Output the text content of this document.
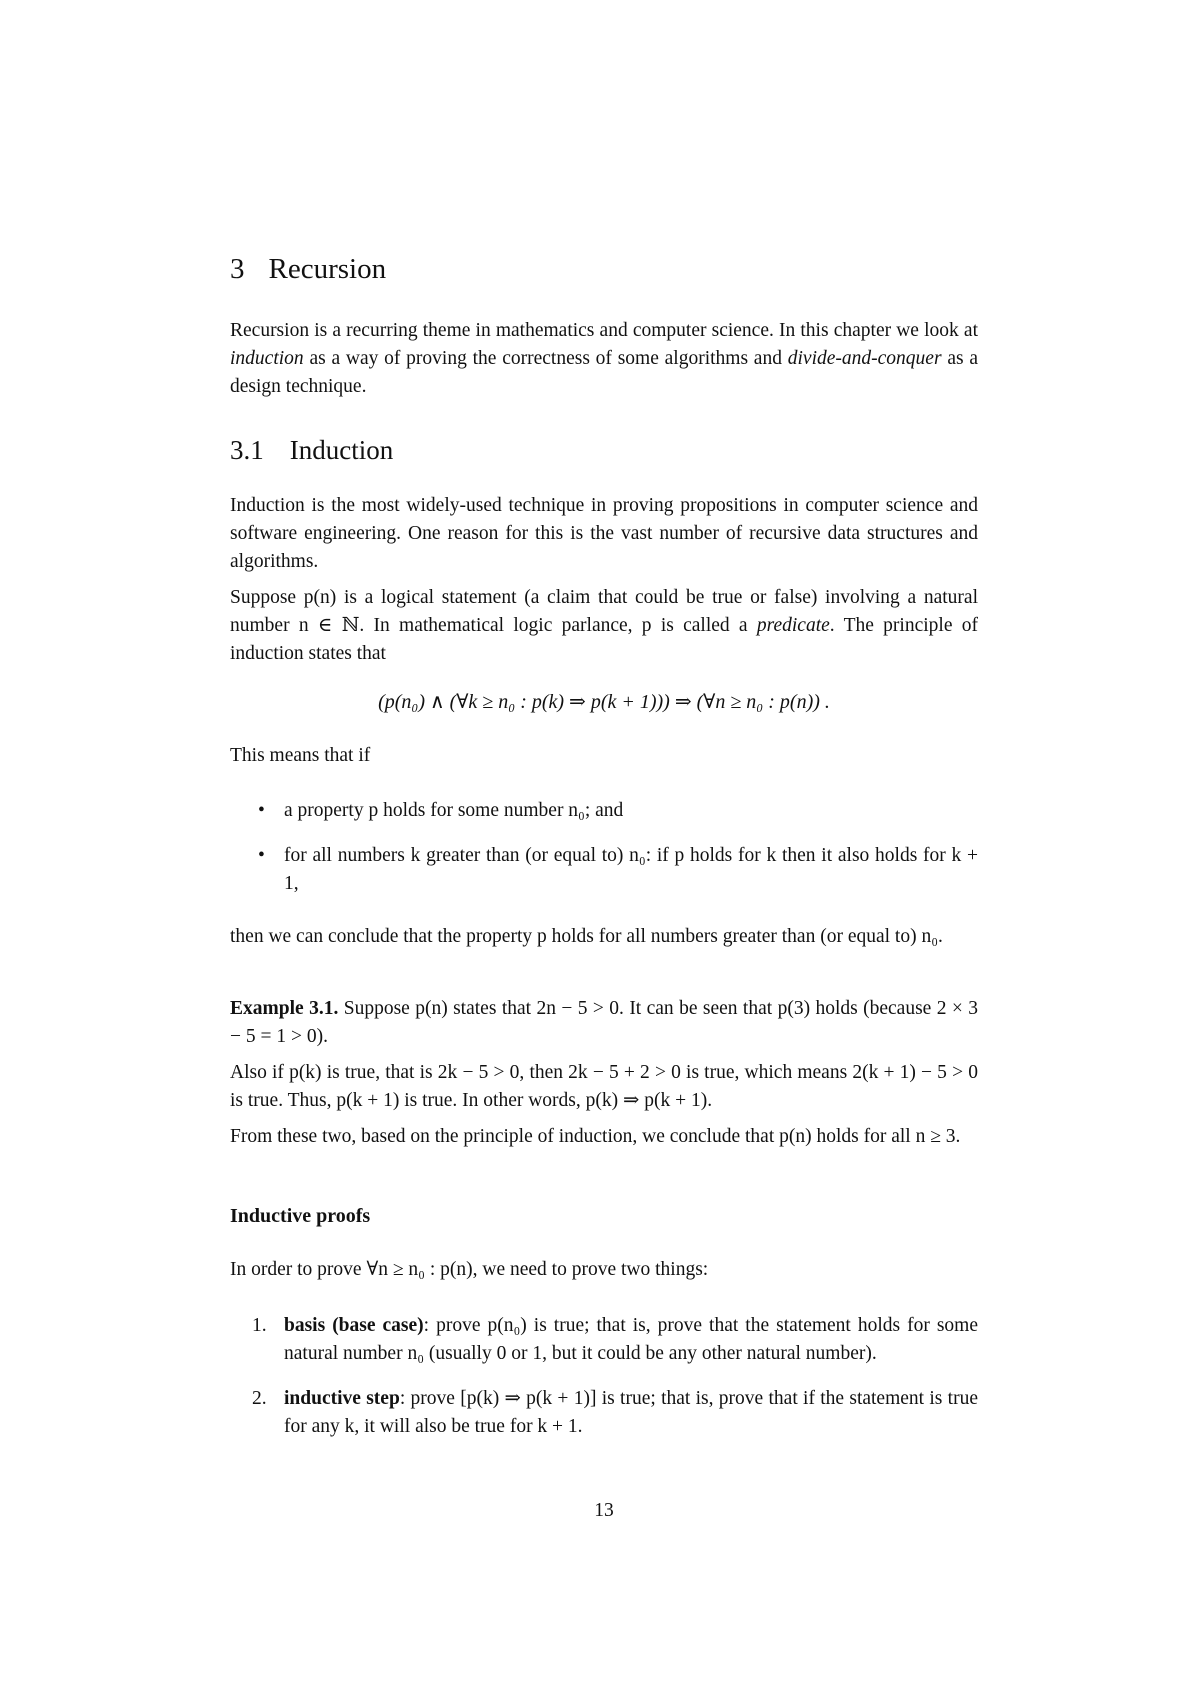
3 Recursion

Recursion is a recurring theme in mathematics and computer science. In this chapter we look at induction as a way of proving the correctness of some algorithms and divide-and-conquer as a design technique.

3.1 Induction

Induction is the most widely-used technique in proving propositions in computer science and software engineering. One reason for this is the vast number of recursive data structures and algorithms.

Suppose p(n) is a logical statement (a claim that could be true or false) involving a natural number n ∈ ℕ. In mathematical logic parlance, p is called a predicate. The principle of induction states that

(p(n₀) ∧ (∀k ≥ n₀ : p(k) ⇒ p(k + 1))) ⇒ (∀n ≥ n₀ : p(n)) .

This means that if

• a property p holds for some number n₀; and
• for all numbers k greater than (or equal to) n₀: if p holds for k then it also holds for k + 1,

then we can conclude that the property p holds for all numbers greater than (or equal to) n₀.

Example 3.1. Suppose p(n) states that 2n − 5 > 0. It can be seen that p(3) holds (because 2 × 3 − 5 = 1 > 0).

Also if p(k) is true, that is 2k − 5 > 0, then 2k − 5 + 2 > 0 is true, which means 2(k + 1) − 5 > 0 is true. Thus, p(k + 1) is true. In other words, p(k) ⇒ p(k + 1).

From these two, based on the principle of induction, we conclude that p(n) holds for all n ≥ 3.

Inductive proofs

In order to prove ∀n ≥ n₀ : p(n), we need to prove two things:

1. basis (base case): prove p(n₀) is true; that is, prove that the statement holds for some natural number n₀ (usually 0 or 1, but it could be any other natural number).
2. inductive step: prove [p(k) ⇒ p(k + 1)] is true; that is, prove that if the statement is true for any k, it will also be true for k + 1.
13
